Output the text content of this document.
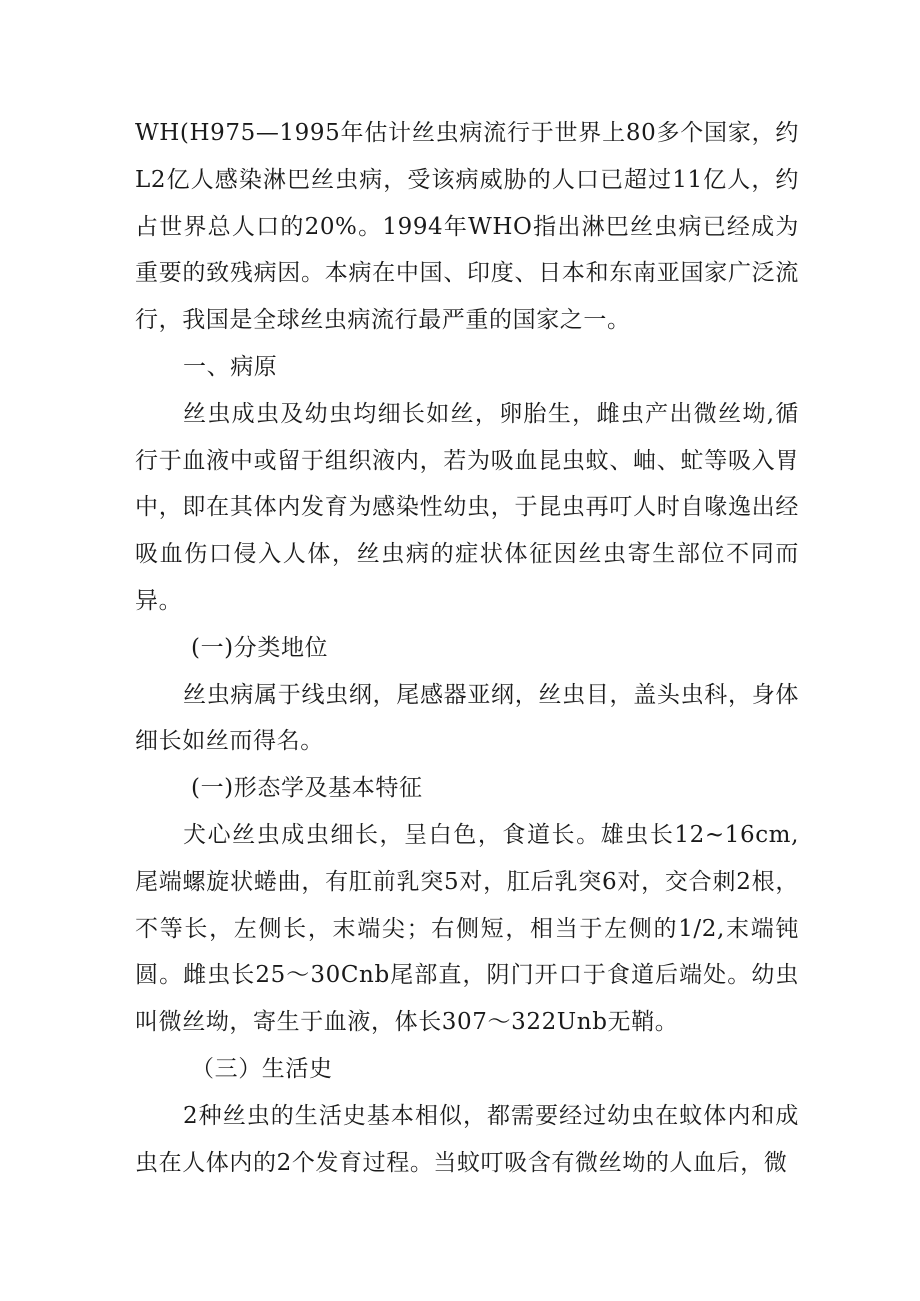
WH(H975—1995年估计丝虫病流行于世界上80多个国家，约L2亿人感染淋巴丝虫病，受该病威胁的人口已超过11亿人，约占世界总人口的20%。1994年WHO指出淋巴丝虫病已经成为重要的致残病因。本病在中国、印度、日本和东南亚国家广泛流行，我国是全球丝虫病流行最严重的国家之一。

一、病原

丝虫成虫及幼虫均细长如丝，卵胎生，雌虫产出微丝坳,循行于血液中或留于组织液内，若为吸血昆虫蚊、岫、虻等吸入胃中，即在其体内发育为感染性幼虫，于昆虫再叮人时自喙逸出经吸血伤口侵入人体，丝虫病的症状体征因丝虫寄生部位不同而异。

(一)分类地位

丝虫病属于线虫纲，尾感器亚纲，丝虫目，盖头虫科，身体细长如丝而得名。

(一)形态学及基本特征

犬心丝虫成虫细长，呈白色，食道长。雄虫长12~16cm,尾端螺旋状蜷曲，有肛前乳突5对，肛后乳突6对，交合刺2根，不等长，左侧长，末端尖；右侧短，相当于左侧的1/2,末端钝圆。雌虫长25～30Cnb尾部直，阴门开口于食道后端处。幼虫叫微丝坳，寄生于血液，体长307～322Unb无鞘。

（三）生活史

2种丝虫的生活史基本相似，都需要经过幼虫在蚊体内和成虫在人体内的2个发育过程。当蚊叮吸含有微丝坳的人血后，微
